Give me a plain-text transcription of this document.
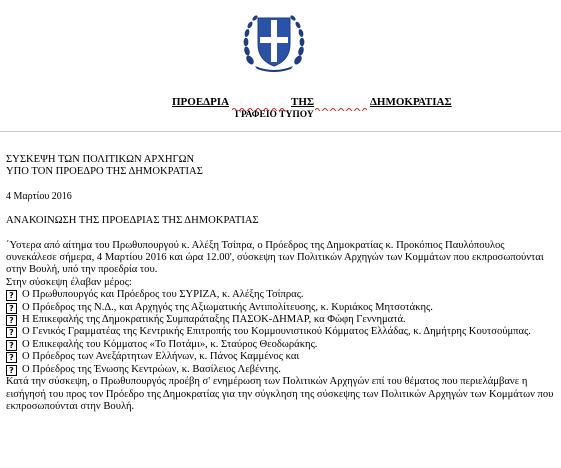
ΠΡΟΕΔΡΙΑ	ΤΗΣ	ΔΗΜΟΚΡΑΤΙΑΣ
ΓΡΑΦΕΙΟ ΤΥΠΟΥ

ΣΥΣΚΕΨΗ ΤΩΝ ΠΟΛΙΤΙΚΩΝ ΑΡΧΗΓΩΝ

ΥΠΟ ΤΟΝ ΠΡΟΕΔΡΟ ΤΗΣ ΔΗΜΟΚΡΑΤΙΑΣ

4 Μαρτίου 2016

ΑΝΑΚΟΙΝΩΣΗ ΤΗΣ ΠΡΟΕΔΡΙΑΣ ΤΗΣ ΔΗΜΟΚΡΑΤΙΑΣ

΄Υστερα από αίτημα του Πρωθυπουργού κ. Αλέξη Τσίπρα, ο Πρόεδρος της Δημοκρατίας κ. Προκόπιος Παυλόπουλος συνεκάλεσε σήμερα, 4 Μαρτίου 2016 και ώρα 12.00', σύσκεψη των Πολιτικών Αρχηγών των Κομμάτων που εκπροσωπούνται στην Βουλή, υπό την προεδρία του.

Στην σύσκεψη έλαβαν μέρος:

? Ο Πρωθυπουργός και Πρόεδρος του ΣΥΡΙΖΑ, κ. Αλέξης Τσίπρας.
? Ο Πρόεδρος της Ν.Δ., και Αρχηγός της Αξιωματικής Αντιπολίτευσης, κ. Κυριάκος Μητσοτάκης.
? Η Επικεφαλής της Δημοκρατικής Συμπαράταξης ΠΑΣΟΚ-ΔΗΜΑΡ, κα Φώφη Γεννηματά.
? Ο Γενικός Γραμματέας της Κεντρικής Επιτροπής του Κομμουνιστικού Κόμματος Ελλάδας, κ. Δημήτρης Κουτσούμπας.
? Ο Επικεφαλής του Κόμματος «Το Ποτάμι», κ. Σταύρος Θεοδωράκης.
? Ο Πρόεδρος των Ανεξάρτητων Ελλήνων, κ. Πάνος Καμμένος και
? Ο Πρόεδρος της Ένωσης Κεντρώων, κ. Βασίλειος Λεβέντης.

Κατά την σύσκεψη, ο Πρωθυπουργός προέβη σ' ενημέρωση των Πολιτικών Αρχηγών επί του θέματος που περιελάμβανε η εισήγησή του προς τον Πρόεδρο της Δημοκρατίας για την σύγκληση της σύσκεψης των Πολιτικών Αρχηγών των Κομμάτων που εκπροσωπούνται στην Βουλή.
